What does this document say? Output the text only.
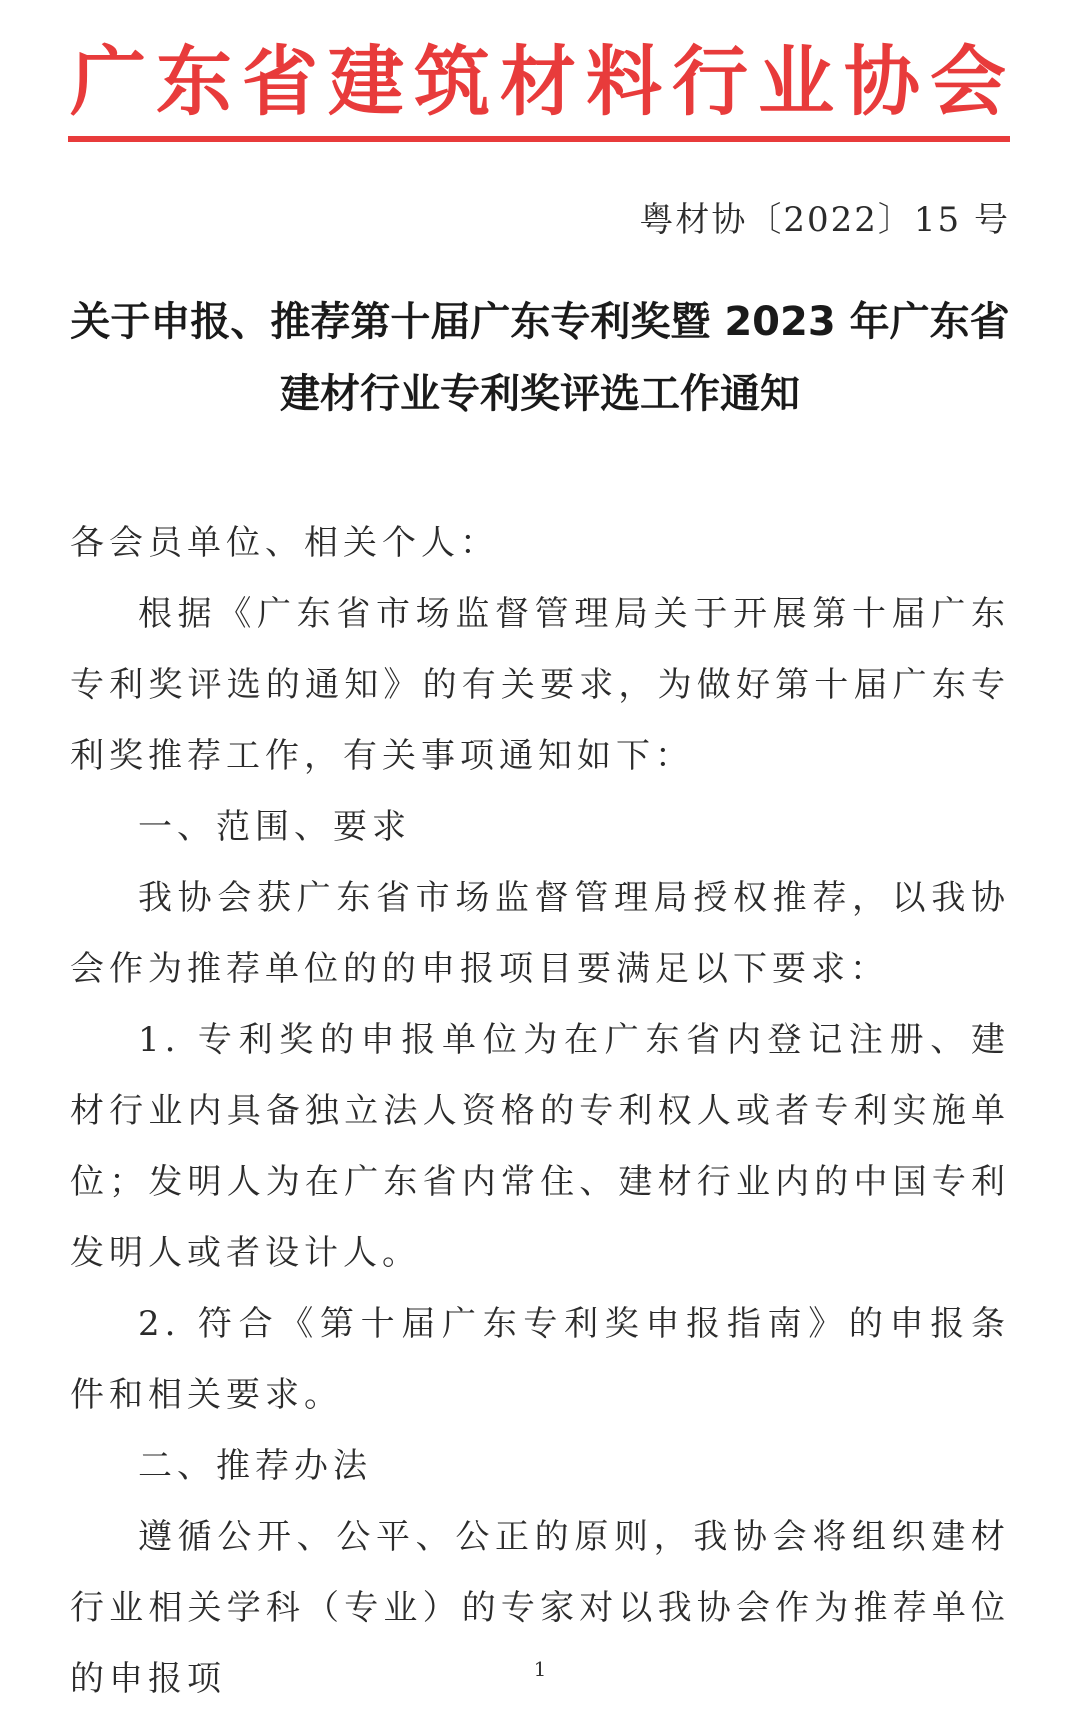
广东省建筑材料行业协会
粤材协〔2022〕15 号
关于申报、推荐第十届广东专利奖暨 2023 年广东省
建材行业专利奖评选工作通知

各会员单位、相关个人：

根据《广东省市场监督管理局关于开展第十届广东专利奖评选的通知》的有关要求，为做好第十届广东专利奖推荐工作，有关事项通知如下：

一、范围、要求

我协会获广东省市场监督管理局授权推荐，以我协会作为推荐单位的的申报项目要满足以下要求：

1. 专利奖的申报单位为在广东省内登记注册、建材行业内具备独立法人资格的专利权人或者专利实施单位；发明人为在广东省内常住、建材行业内的中国专利发明人或者设计人。

2. 符合《第十届广东专利奖申报指南》的申报条件和相关要求。

二、推荐办法

遵循公开、公平、公正的原则，我协会将组织建材行业相关学科（专业）的专家对以我协会作为推荐单位的申报项	1
